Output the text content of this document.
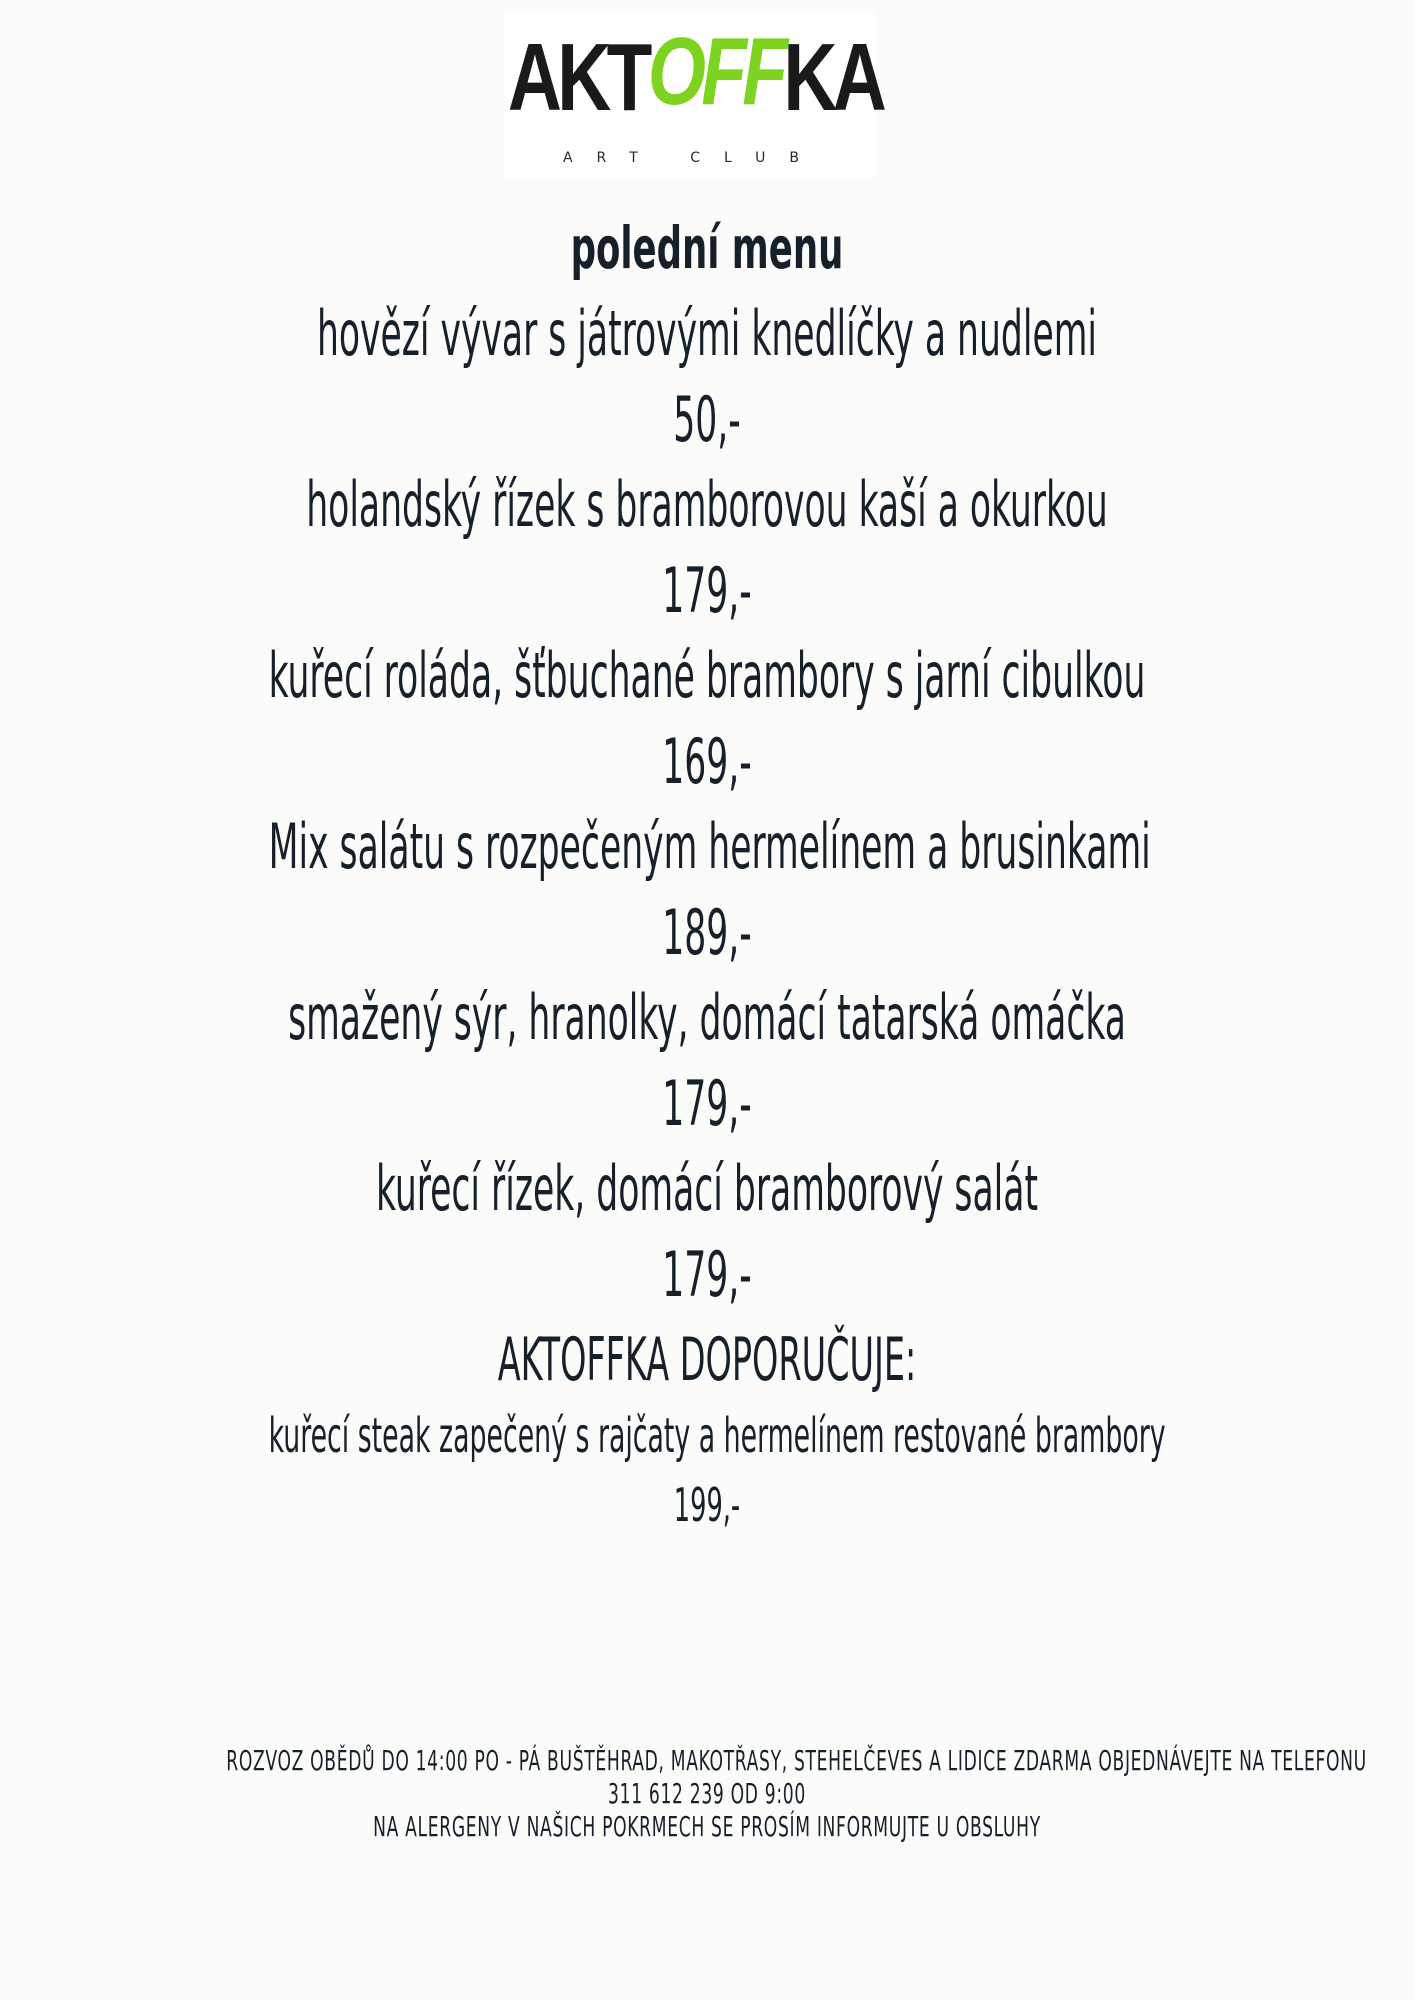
AKT OFF KA
ART CLUB
polední menu
hovězí vývar s játrovými knedlíčky a nudlemi
50,-
holandský řízek s bramborovou kaší a okurkou
179,-
kuřecí roláda, šťbuchané brambory s jarní cibulkou
169,-
Mix salátu s rozpečeným hermelínem a brusinkami
189,-
smažený sýr, hranolky, domácí tatarská omáčka
179,-
kuřecí řízek, domácí bramborový salát
179,-
AKTOFFKA DOPORUČUJE:
kuřecí steak zapečený s rajčaty a hermelínem restované brambory
199,-
ROZVOZ OBĚDŮ DO 14:00 PO - PÁ BUŠTĚHRAD, MAKOTŘASY, STEHELČEVES A LIDICE ZDARMA OBJEDNÁVEJTE NA TELEFONU
311 612 239 OD 9:00
NA ALERGENY V NAŠICH POKRMECH SE PROSÍM INFORMUJTE U OBSLUHY
